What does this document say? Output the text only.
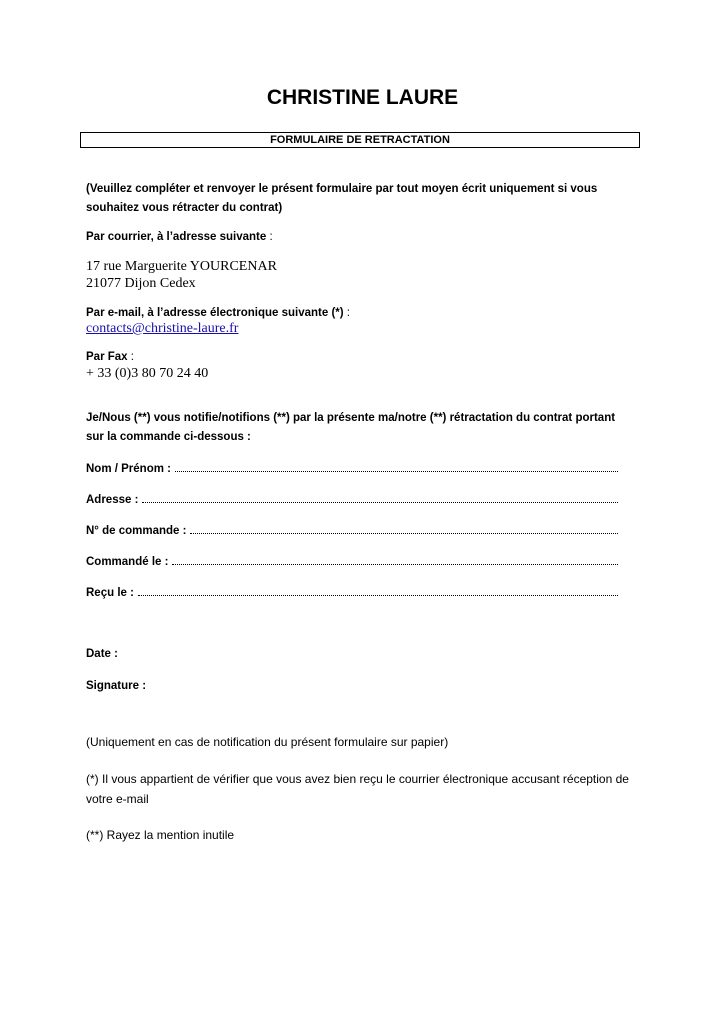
CHRISTINE LAURE
FORMULAIRE DE RETRACTATION
(Veuillez compléter et renvoyer le présent formulaire par tout moyen écrit uniquement si vous souhaitez vous rétracter du contrat)
Par courrier, à l’adresse suivante :
17 rue Marguerite YOURCENAR
21077 Dijon Cedex
Par e-mail, à l’adresse électronique suivante (*) :
contacts@christine-laure.fr
Par Fax :
+ 33 (0)3 80 70 24 40
Je/Nous (**) vous notifie/notifions (**) par la présente ma/notre (**) rétractation du contrat portant sur la commande ci-dessous :
Nom / Prénom :
Adresse :
N° de commande :
Commandé le :
Reçu le :
Date :
Signature :
(Uniquement en cas de notification du présent formulaire sur papier)
(*) Il vous appartient de vérifier que vous avez bien reçu le courrier électronique accusant réception de votre e-mail
(**) Rayez la mention inutile
